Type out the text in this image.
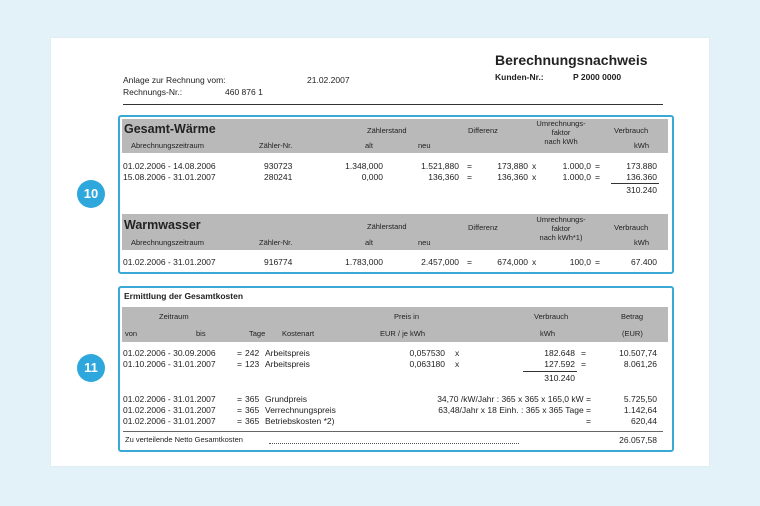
Berechnungsnachweis
Kunden-Nr.:	P 2000 0000
Anlage zur Rechnung vom:	21.02.2007
Rechnungs-Nr.:	460 876 1
Gesamt-Wärme
Abrechnungszeitraum	Zähler-Nr.
Zählerstand
alt	neu
Differenz
Umrechnungs-
faktor
nach kWh
Verbrauch
kWh
01.02.2006 - 14.08.2006	930723	1.348,000	1.521,880 =	173,880 x	1.000,0 =	173.880
15.08.2006 - 31.01.2007	280241	0,000	136,360 =	136,360 x	1.000,0 =	136.360
310.240
Warmwasser
Abrechnungszeitraum	Zähler-Nr.
Zählerstand
alt	neu
Differenz
Umrechnungs-
faktor
nach kWh*1)
Verbrauch
kWh
01.02.2006 - 31.01.2007	916774	1.783,000	2.457,000 =	674,000 x	100,0 =	67.400
Ermittlung der Gesamtkosten
Zeitraum
von	bis	Tage Kostenart
Preis in
EUR / je kWh
Verbrauch
kWh
Betrag
(EUR)
01.02.2006 - 30.09.2006	= 242 Arbeitspreis	0,057530 x	182.648 =	10.507,74
01.10.2006 - 31.01.2007	= 123 Arbeitspreis	0,063180 x	127.592 =	8.061,26
310.240
01.02.2006 - 31.01.2007	= 365 Grundpreis	34,70 /kW/Jahr : 365 x 365 x 165,0 kW =	5.725,50
01.02.2006 - 31.01.2007	= 365 Verrechnungspreis	63,48/Jahr x 18 Einh. : 365 x 365 Tage =	1.142,64
01.02.2006 - 31.01.2007	= 365 Betriebskosten *2)	=	620,44
Zu verteilende Netto Gesamtkosten	26.057,58
10
11
